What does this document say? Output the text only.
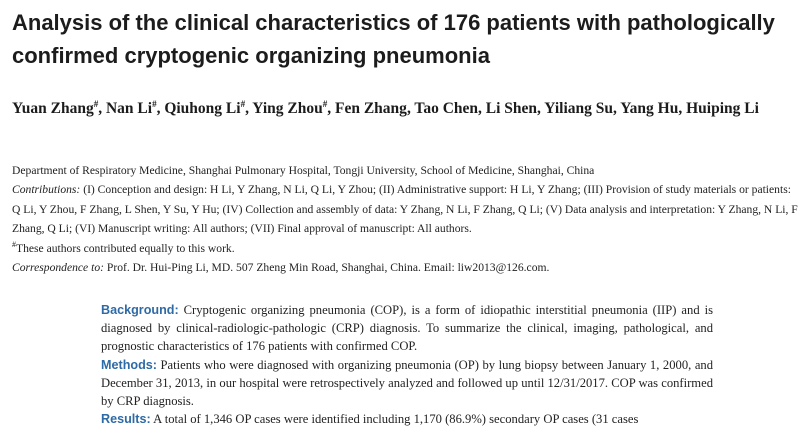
Analysis of the clinical characteristics of 176 patients with pathologically confirmed cryptogenic organizing pneumonia

Yuan Zhang#, Nan Li#, Qiuhong Li#, Ying Zhou#, Fen Zhang, Tao Chen, Li Shen, Yiliang Su, Yang Hu, Huiping Li

Department of Respiratory Medicine, Shanghai Pulmonary Hospital, Tongji University, School of Medicine, Shanghai, China

Contributions: (I) Conception and design: H Li, Y Zhang, N Li, Q Li, Y Zhou; (II) Administrative support: H Li, Y Zhang; (III) Provision of study materials or patients: Q Li, Y Zhou, F Zhang, L Shen, Y Su, Y Hu; (IV) Collection and assembly of data: Y Zhang, N Li, F Zhang, Q Li; (V) Data analysis and interpretation: Y Zhang, N Li, F Zhang, Q Li; (VI) Manuscript writing: All authors; (VII) Final approval of manuscript: All authors.

#These authors contributed equally to this work.

Correspondence to: Prof. Dr. Hui-Ping Li, MD. 507 Zheng Min Road, Shanghai, China. Email: liw2013@126.com.

Background: Cryptogenic organizing pneumonia (COP), is a form of idiopathic interstitial pneumonia (IIP) and is diagnosed by clinical-radiologic-pathologic (CRP) diagnosis. To summarize the clinical, imaging, pathological, and prognostic characteristics of 176 patients with confirmed COP.

Methods: Patients who were diagnosed with organizing pneumonia (OP) by lung biopsy between January 1, 2000, and December 31, 2013, in our hospital were retrospectively analyzed and followed up until 12/31/2017. COP was confirmed by CRP diagnosis.

Results: A total of 1,346 OP cases were identified including 1,170 (86.9%) secondary OP cases (31 cases
